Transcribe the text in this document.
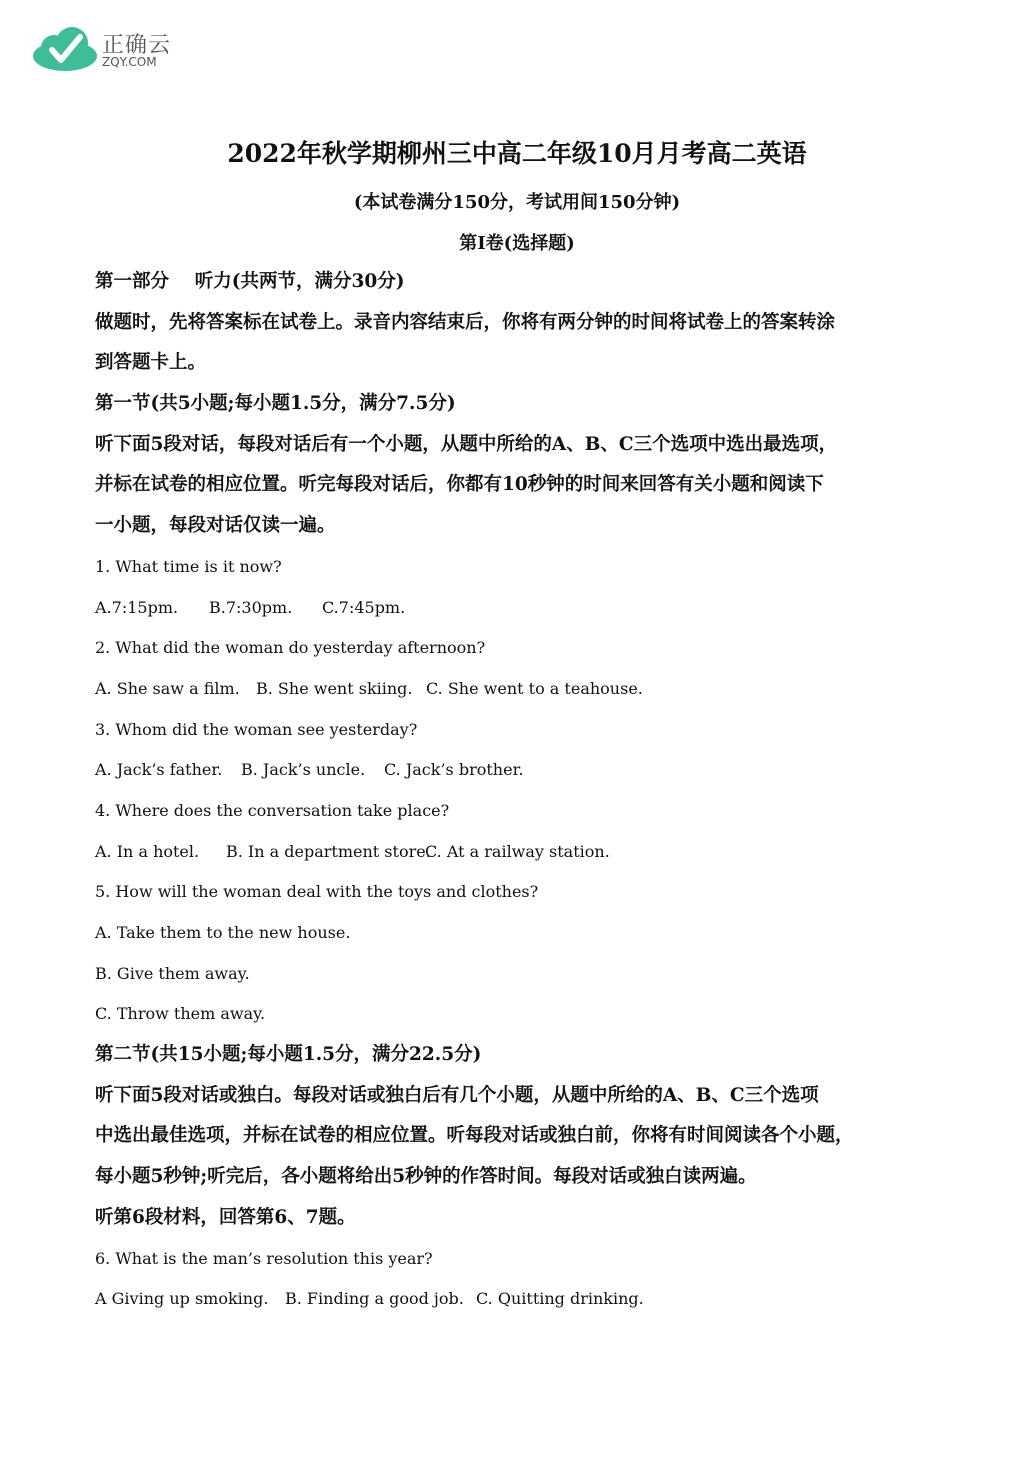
正确云
ZQY.COM
2022年秋学期柳州三中高二年级10月月考高二英语
(本试卷满分150分，考试用间150分钟)
第Ⅰ卷(选择题)
第一部分    听力(共两节，满分30分)
做题时，先将答案标在试卷上。录音内容结束后，你将有两分钟的时间将试卷上的答案转涂
到答题卡上。
第一节(共5小题;每小题1.5分，满分7.5分)
听下面5段对话，每段对话后有一个小题，从题中所给的A、B、C三个选项中选出最选项，
并标在试卷的相应位置。听完每段对话后，你都有10秒钟的时间来回答有关小题和阅读下
一小题，每段对话仅读一遍。
1. What time is it now?
A.7:15pm. B.7:30pm. C.7:45pm.
2. What did the woman do yesterday afternoon?
A. She saw a film. B. She went skiing. C. She went to a teahouse.
3. Whom did the woman see yesterday?
A. Jack’s father. B. Jack’s uncle. C. Jack’s brother.
4. Where does the conversation take place?
A. In a hotel. B. In a department store.C. At a railway station.
5. How will the woman deal with the toys and clothes?
A. Take them to the new house.
B. Give them away.
C. Throw them away.
第二节(共15小题;每小题1.5分，满分22.5分)
听下面5段对话或独白。每段对话或独白后有几个小题，从题中所给的A、B、C三个选项
中选出最佳选项，并标在试卷的相应位置。听每段对话或独白前，你将有时间阅读各个小题，
每小题5秒钟;听完后，各小题将给出5秒钟的作答时间。每段对话或独白读两遍。
听第6段材料，回答第6、7题。
6. What is the man’s resolution this year?
A Giving up smoking. B. Finding a good job. C. Quitting drinking.
